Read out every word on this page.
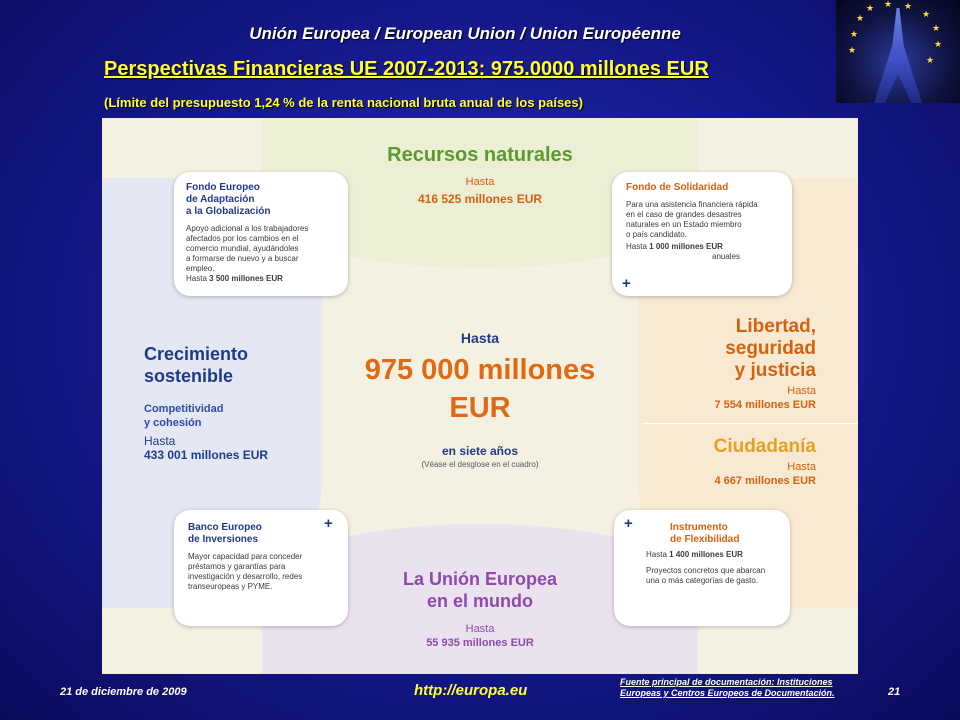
Unión Europea / European Union / Union Européenne
Perspectivas Financieras UE 2007-2013: 975.0000 millones EUR
(Límite del presupuesto 1,24 % de la renta nacional bruta anual de los países)
★
★ ★ ★
★
★
★
★
★
★
Recursos naturales
Hasta
416 525 millones EUR
Hasta
975 000 millones
EUR
en siete años
(Véase el desglose en el cuadro)
Crecimiento
sostenible
Competitividad
y cohesión
Hasta
433 001 millones EUR
Libertad,
seguridad
y justicia
Hasta
7 554 millones EUR
Ciudadanía
Hasta
4 667 millones EUR
La Unión Europea
en el mundo
Hasta
55 935 millones EUR
Fondo Europeo
de Adaptación
a la Globalización
Apoyo adicional a los trabajadores
afectados por los cambios en el
comercio mundial, ayudándoles
a formarse de nuevo y a buscar
empleo.
Hasta 3 500 millones EUR
Fondo de Solidaridad
Para una asistencia financiera rápida
en el caso de grandes desastres
naturales en un Estado miembro
o país candidato.
Hasta 1 000 millones EUR
anuales
+
+
Banco Europeo
de Inversiones
Mayor capacidad para conceder
préstamos y garantías para
investigación y desarrollo, redes
transeuropeas y PYME.
+	Instrumento
de Flexibilidad
Hasta 1 400 millones EUR
Proyectos concretos que abarcan
una o más categorías de gasto.
21 de diciembre de 2009	http://europa.eu	Fuente principal de documentación: Instituciones
Europeas y Centros Europeos de Documentación.	21
